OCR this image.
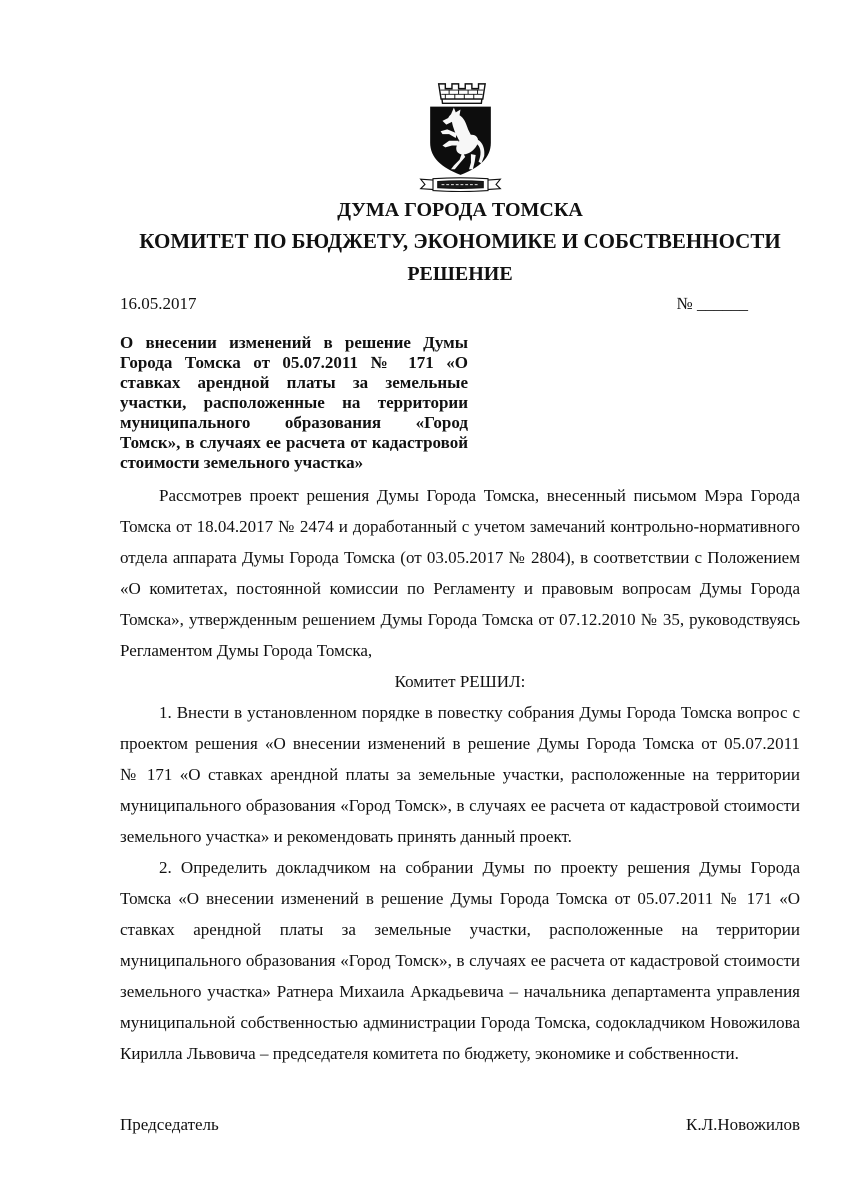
ДУМА ГОРОДА ТОМСКА
КОМИТЕТ ПО БЮДЖЕТУ, ЭКОНОМИКЕ И СОБСТВЕННОСТИ
РЕШЕНИЕ
16.05.2017	№ ______
О внесении изменений в решение Думы Города Томска от 05.07.2011 № 171 «О ставках арендной платы за земельные участки, расположенные на территории муниципального образования «Город Томск», в случаях ее расчета от кадастровой стоимости земельного участка»

Рассмотрев проект решения Думы Города Томска, внесенный письмом Мэра Города Томска от 18.04.2017 № 2474 и доработанный с учетом замечаний контрольно-нормативного отдела аппарата Думы Города Томска (от 03.05.2017 № 2804), в соответствии с Положением «О комитетах, постоянной комиссии по Регламенту и правовым вопросам Думы Города Томска», утвержденным решением Думы Города Томска от 07.12.2010 № 35, руководствуясь Регламентом Думы Города Томска,

Комитет РЕШИЛ:

1. Внести в установленном порядке в повестку собрания Думы Города Томска вопрос с проектом решения «О внесении изменений в решение Думы Города Томска от 05.07.2011 № 171 «О ставках арендной платы за земельные участки, расположенные на территории муниципального образования «Город Томск», в случаях ее расчета от кадастровой стоимости земельного участка» и рекомендовать принять данный проект.

2. Определить докладчиком на собрании Думы по проекту решения Думы Города Томска «О внесении изменений в решение Думы Города Томска от 05.07.2011 № 171 «О ставках арендной платы за земельные участки, расположенные на территории муниципального образования «Город Томск», в случаях ее расчета от кадастровой стоимости земельного участка» Ратнера Михаила Аркадьевича – начальника департамента управления муниципальной собственностью администрации Города Томска, содокладчиком Новожилова Кирилла Львовича – председателя комитета по бюджету, экономике и собственности.

Председатель	К.Л.Новожилов
